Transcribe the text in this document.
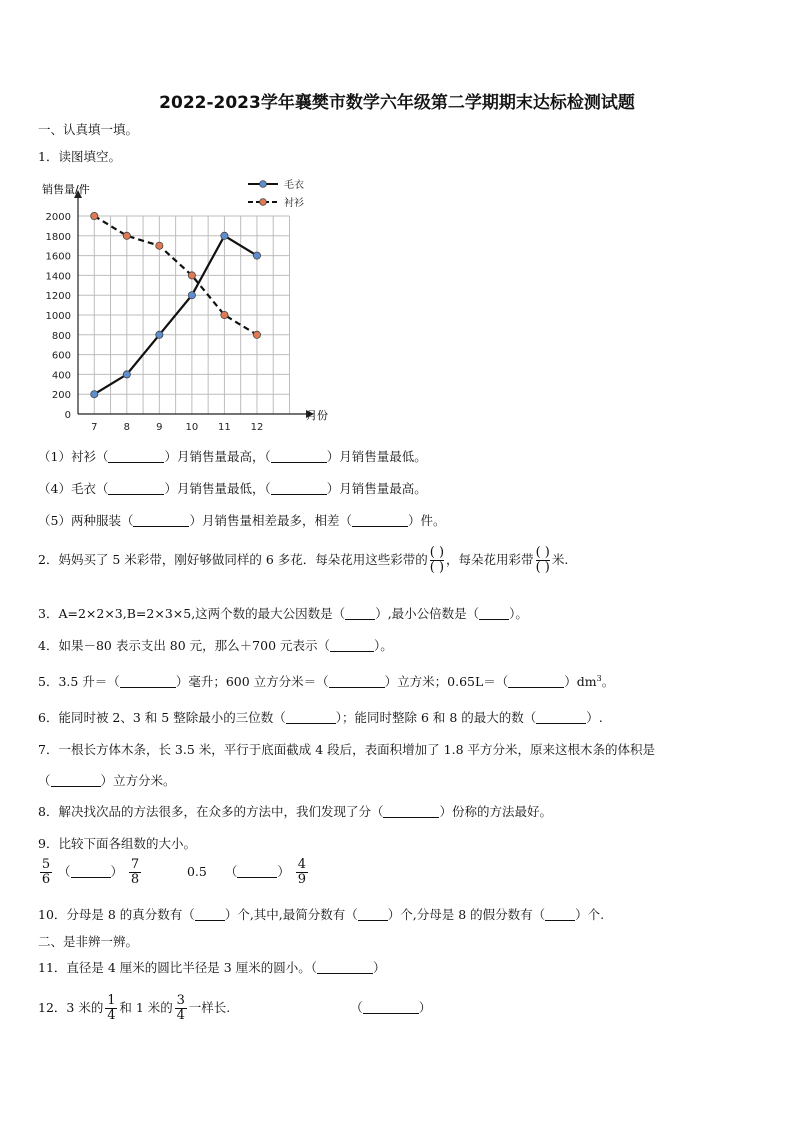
2022-2023学年襄樊市数学六年级第二学期期末达标检测试题
一、认真填一填。
1．读图填空。
0
200
400
600
800
1000
1200
1400
1600
1800
2000
7	8	9 10 11 12
毛衣
衬衫
销售量/件
月份
（1）衬衫（	）月销售量最高，（	）月销售量最低。
（4）毛衣（	）月销售量最低，（	）月销售量最高。
（5）两种服装（	）月销售量相差最多，相差（	）件。
2．妈妈买了 5 米彩带，刚好够做同样的 6 多花．每朵花用这些彩带的 $\frac{( )}{( )}$ ，每朵花用彩带 $\frac{( )}{( )}$ 米.
3．A=2×2×3,B=2×3×5,这两个数的最大公因数是（ ）,最小公倍数是（ ）。
4．如果－80 表示支出 80 元，那么＋700 元表示（	）。
5．3.5 升＝（	）毫升；600 立方分米＝（	）立方米；0.65L＝（	）$dm^3$。
6．能同时被 2、3 和 5 整除最小的三位数（	）；能同时整除 6 和 8 的最大的数（	）.
7．一根长方体木条，长 3.5 米，平行于底面截成 4 段后，表面积增加了 1.8 平方分米，原来这根木条的体积是
（	）立方分米。
8．解决找次品的方法很多，在众多的方法中，我们发现了分（	）份称的方法最好。
9．比较下面各组数的大小。
$\frac{5}{6}$ （	） $\frac{7}{8}$	0.5 （	） $\frac{4}{9}$
10．分母是 8 的真分数有（ ）个,其中,最简分数有（ ）个,分母是 8 的假分数有（ ）个.
二、是非辨一辨。
11．直径是 4 厘米的圆比半径是 3 厘米的圆小。（	）
12．3 米的 $\frac{1}{4}$ 和 1 米的 $\frac{3}{4}$ 一样长.	（	）
